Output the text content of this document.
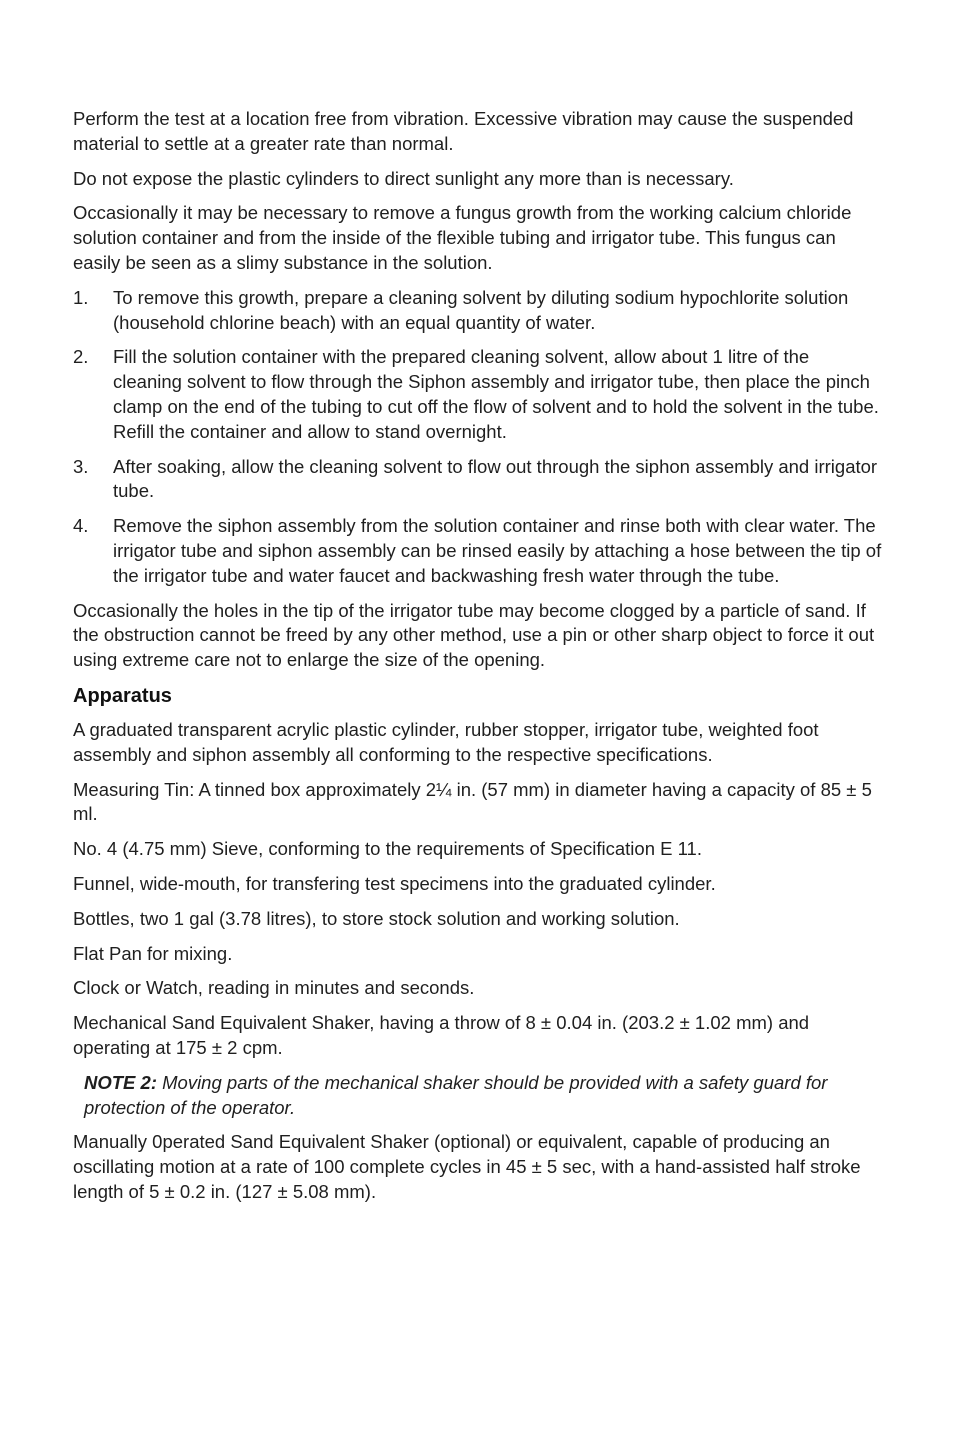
Perform the test at a location free from vibration. Excessive vibration may cause the suspended material to settle at a greater rate than normal.

Do not expose the plastic cylinders to direct sunlight any more than is necessary.

Occasionally it may be necessary to remove a fungus growth from the working calcium chloride solution container and from the inside of the flexible tubing and irrigator tube. This fungus can easily be seen as a slimy substance in the solution.

1. To remove this growth, prepare a cleaning solvent by diluting sodium hypochlorite solution (household chlorine beach) with an equal quantity of water.
2. Fill the solution container with the prepared cleaning solvent, allow about 1 litre of the cleaning solvent to flow through the Siphon assembly and irrigator tube, then place the pinch clamp on the end of the tubing to cut off the flow of solvent and to hold the solvent in the tube. Refill the container and allow to stand overnight.
3. After soaking, allow the cleaning solvent to flow out through the siphon assembly and irrigator tube.
4. Remove the siphon assembly from the solution container and rinse both with clear water. The irrigator tube and siphon assembly can be rinsed easily by attaching a hose between the tip of the irrigator tube and water faucet and backwashing fresh water through the tube.

Occasionally the holes in the tip of the irrigator tube may become clogged by a particle of sand. If the obstruction cannot be freed by any other method, use a pin or other sharp object to force it out using extreme care not to enlarge the size of the opening.

Apparatus

A graduated transparent acrylic plastic cylinder, rubber stopper, irrigator tube, weighted foot assembly and siphon assembly all conforming to the respective specifications.

Measuring Tin: A tinned box approximately 2¼ in. (57 mm) in diameter having a capacity of 85 ± 5 ml.

No. 4 (4.75 mm) Sieve, conforming to the requirements of Specification E 11.

Funnel, wide-mouth, for transfering test specimens into the graduated cylinder.

Bottles, two 1 gal (3.78 litres), to store stock solution and working solution.

Flat Pan for mixing.

Clock or Watch, reading in minutes and seconds.

Mechanical Sand Equivalent Shaker, having a throw of 8 ± 0.04 in. (203.2 ± 1.02 mm) and operating at 175 ± 2 cpm.

NOTE 2: Moving parts of the mechanical shaker should be provided with a safety guard for protection of the operator.

Manually 0perated Sand Equivalent Shaker (optional) or equivalent, capable of producing an oscillating motion at a rate of 100 complete cycles in 45 ± 5 sec, with a hand-assisted half stroke length of 5 ± 0.2 in. (127 ± 5.08 mm).
